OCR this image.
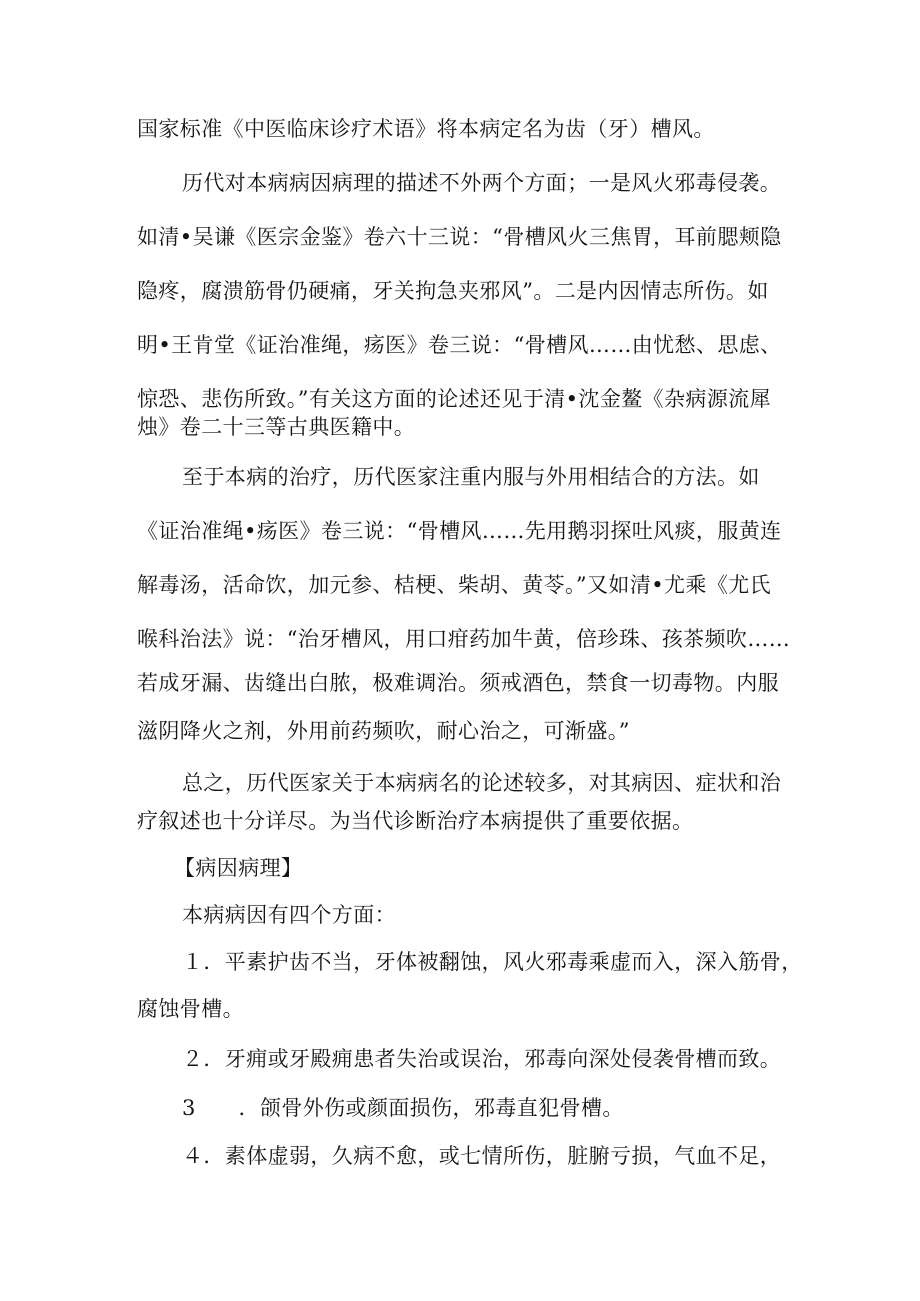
国家标准《中医临床诊疗术语》将本病定名为齿（牙）槽风。
历代对本病病因病理的描述不外两个方面；一是风火邪毒侵袭。
如清•吴谦《医宗金鉴》卷六十三说：“骨槽风火三焦胃，耳前腮颊隐
隐疼，腐溃筋骨仍硬痛，牙关拘急夹邪风”。二是内因情志所伤。如
明•王肯堂《证治准绳，疡医》卷三说：“骨槽风……由忧愁、思虑、
惊恐、悲伤所致。”有关这方面的论述还见于清•沈金鳌《杂病源流犀
烛》卷二十三等古典医籍中。
至于本病的治疗，历代医家注重内服与外用相结合的方法。如
《证治准绳•疡医》卷三说：“骨槽风……先用鹅羽探吐风痰，服黄连
解毒汤，活命饮，加元参、桔梗、柴胡、黄苓。”又如清•尤乘《尤氏
喉科治法》说：“治牙槽风，用口疳药加牛黄，倍珍珠、孩茶频吹……
若成牙漏、齿缝出白脓，极难调治。须戒酒色，禁食一切毒物。内服
滋阴降火之剂，外用前药频吹，耐心治之，可渐盛。”
总之，历代医家关于本病病名的论述较多，对其病因、症状和治
疗叙述也十分详尽。为当代诊断治疗本病提供了重要依据。
【病因病理】
本病病因有四个方面：
１．平素护齿不当，牙体被翻蚀，风火邪毒乘虚而入，深入筋骨，
腐蚀骨槽。
２．牙痈或牙殿痈患者失治或误治，邪毒向深处侵袭骨槽而致。
3　　．颌骨外伤或颜面损伤，邪毒直犯骨槽。
４．素体虚弱，久病不愈，或七情所伤，脏腑亏损，气血不足，
